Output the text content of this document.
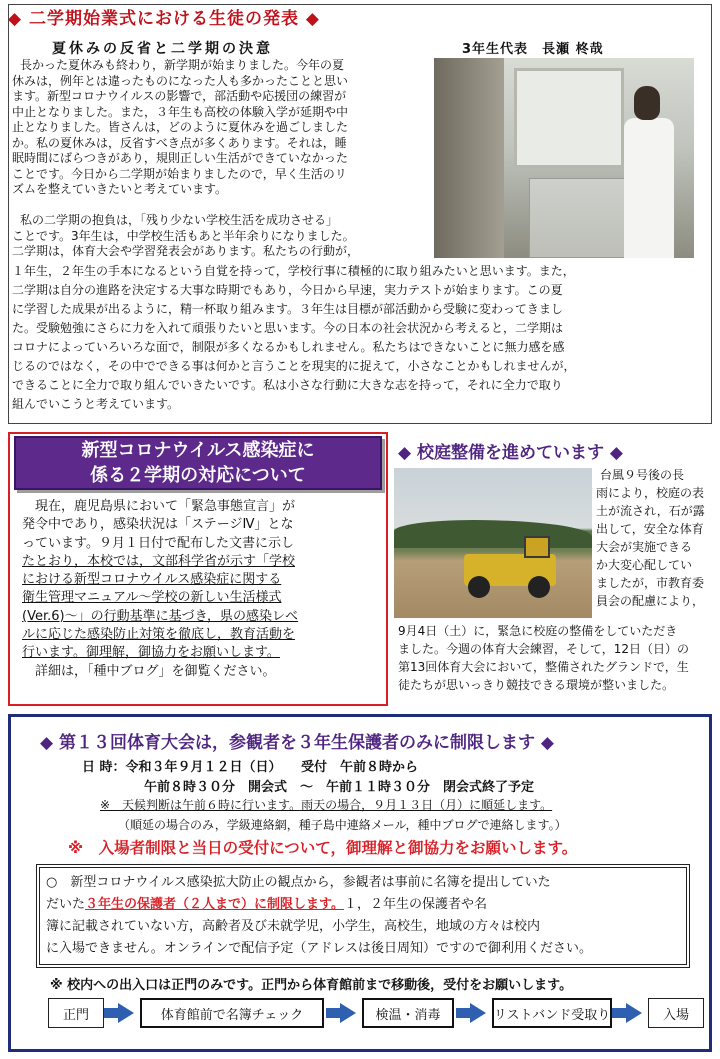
◆ 二学期始業式における生徒の発表 ◆
夏休みの反省と二学期の決意	3年生代表　長瀬 柊哉
長かった夏休みも終わり，新学期が始まりました。今年の夏
休みは，例年とは違ったものになった人も多かったことと思い
ます。新型コロナウイルスの影響で，部活動や応援団の練習が
中止となりました。また，３年生も高校の体験入学が延期や中
止となりました。皆さんは，どのように夏休みを過ごしました
か。私の夏休みは，反省すべき点が多くあります。それは，睡
眠時間にばらつきがあり，規則正しい生活ができていなかった
ことです。今日から二学期が始まりましたので，早く生活のリ
ズムを整えていきたいと考えています。
私の二学期の抱負は，「残り少ない学校生活を成功させる」
ことです。3年生は，中学校生活もあと半年余りになりました。
二学期は，体育大会や学習発表会があります。私たちの行動が，
１年生，２年生の手本になるという自覚を持って，学校行事に積極的に取り組みたいと思います。また，
二学期は自分の進路を決定する大事な時期でもあり，今日から早速，実力テストが始まります。この夏
に学習した成果が出るように，精一杯取り組みます。３年生は目標が部活動から受験に変わってきまし
た。受験勉強にさらに力を入れて頑張りたいと思います。今の日本の社会状況から考えると，二学期は
コロナによっていろいろな面で，制限が多くなるかもしれません。私たちはできないことに無力感を感
じるのではなく，その中でできる事は何かと言うことを現実的に捉えて，小さなことかもしれませんが，
できることに全力で取り組んでいきたいです。私は小さな行動に大きな志を持って，それに全力で取り
組んでいこうと考えています。
新型コロナウイルス感染症に
係る２学期の対応について

　現在，鹿児島県において「緊急事態宣言」が

発令中であり，感染状況は「ステージⅣ」とな

っています。９月１日付で配布した文書に示し

たとおり，本校では，文部科学省が示す「学校

における新型コロナウイルス感染症に関する

衛生管理マニュアル～学校の新しい生活様式

(Ver.6)～」の行動基準に基づき，県の感染レベ

ルに応じた感染防止対策を徹底し，教育活動を

行います。御理解，御協力をお願いします。

　詳細は，「種中ブログ」を御覧ください。

◆ 校庭整備を進めています ◆
台風９号後の長
雨により，校庭の表
土が流され，石が露
出して，安全な体育
大会が実施できる
か大変心配してい
ましたが，市教育委
員会の配慮により，
9月4日（土）に，緊急に校庭の整備をしていただき
ました。今週の体育大会練習，そして，12日（日）の
第13回体育大会において，整備されたグランドで，生
徒たちが思いっきり競技できる環境が整いました。
◆ 第１３回体育大会は，参観者を３年生保護者のみに制限します ◆
日 時：令和３年９月１２日（日）　　受付　午前８時から
午前８時３０分　開会式　～　午前１１時３０分　閉会式終了予定
※　天候判断は午前６時に行います。雨天の場合，９月１３日（月）に順延します。
（順延の場合のみ，学級連絡網，種子島中連絡メール，種中ブログで連絡します。）
※　入場者制限と当日の受付について，御理解と御協力をお願いします。

○　新型コロナウイルス感染拡大防止の観点から，参観者は事前に名簿を提出していた

だいた３年生の保護者（２人まで）に制限します。１，２年生の保護者や名

簿に記載されていない方，高齢者及び未就学児，小学生，高校生，地域の方々は校内

に入場できません。オンラインで配信予定（アドレスは後日周知）ですので御利用ください。

※ 校内への出入口は正門のみです。正門から体育館前まで移動後，受付をお願いします。
正門	体育館前で名簿チェック	検温・消毒	リストバンド受取り	入場
